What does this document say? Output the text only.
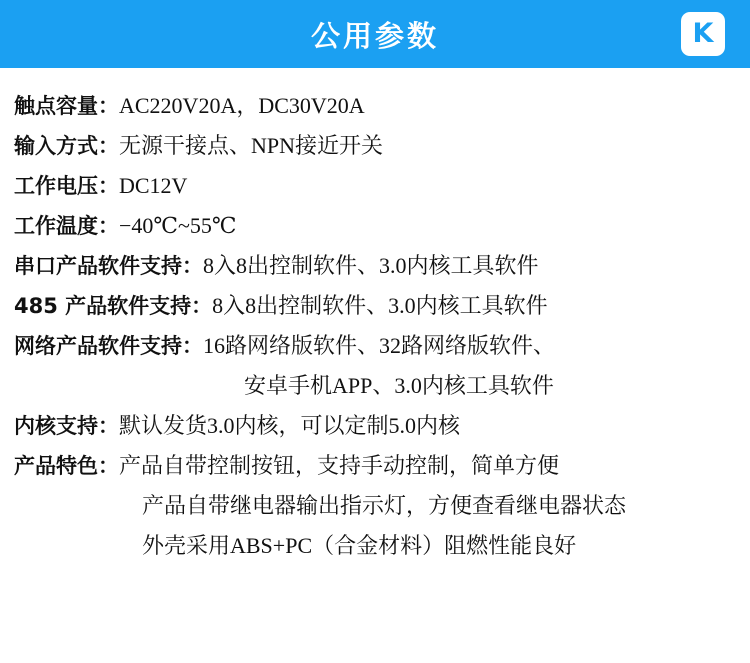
公用参数	K
触点容量： AC220V20A，DC30V20A
输入方式： 无源干接点、NPN接近开关
工作电压： DC12V
工作温度： −40℃~55℃
串口产品软件支持： 8入8出控制软件、3.0内核工具软件
485 产品软件支持： 8入8出控制软件、3.0内核工具软件
网络产品软件支持： 16路网络版软件、32路网络版软件、
安卓手机APP、3.0内核工具软件
内核支持： 默认发货3.0内核，可以定制5.0内核
产品特色： 产品自带控制按钮，支持手动控制，简单方便
产品自带继电器输出指示灯，方便查看继电器状态
外壳采用ABS+PC（合金材料）阻燃性能良好
